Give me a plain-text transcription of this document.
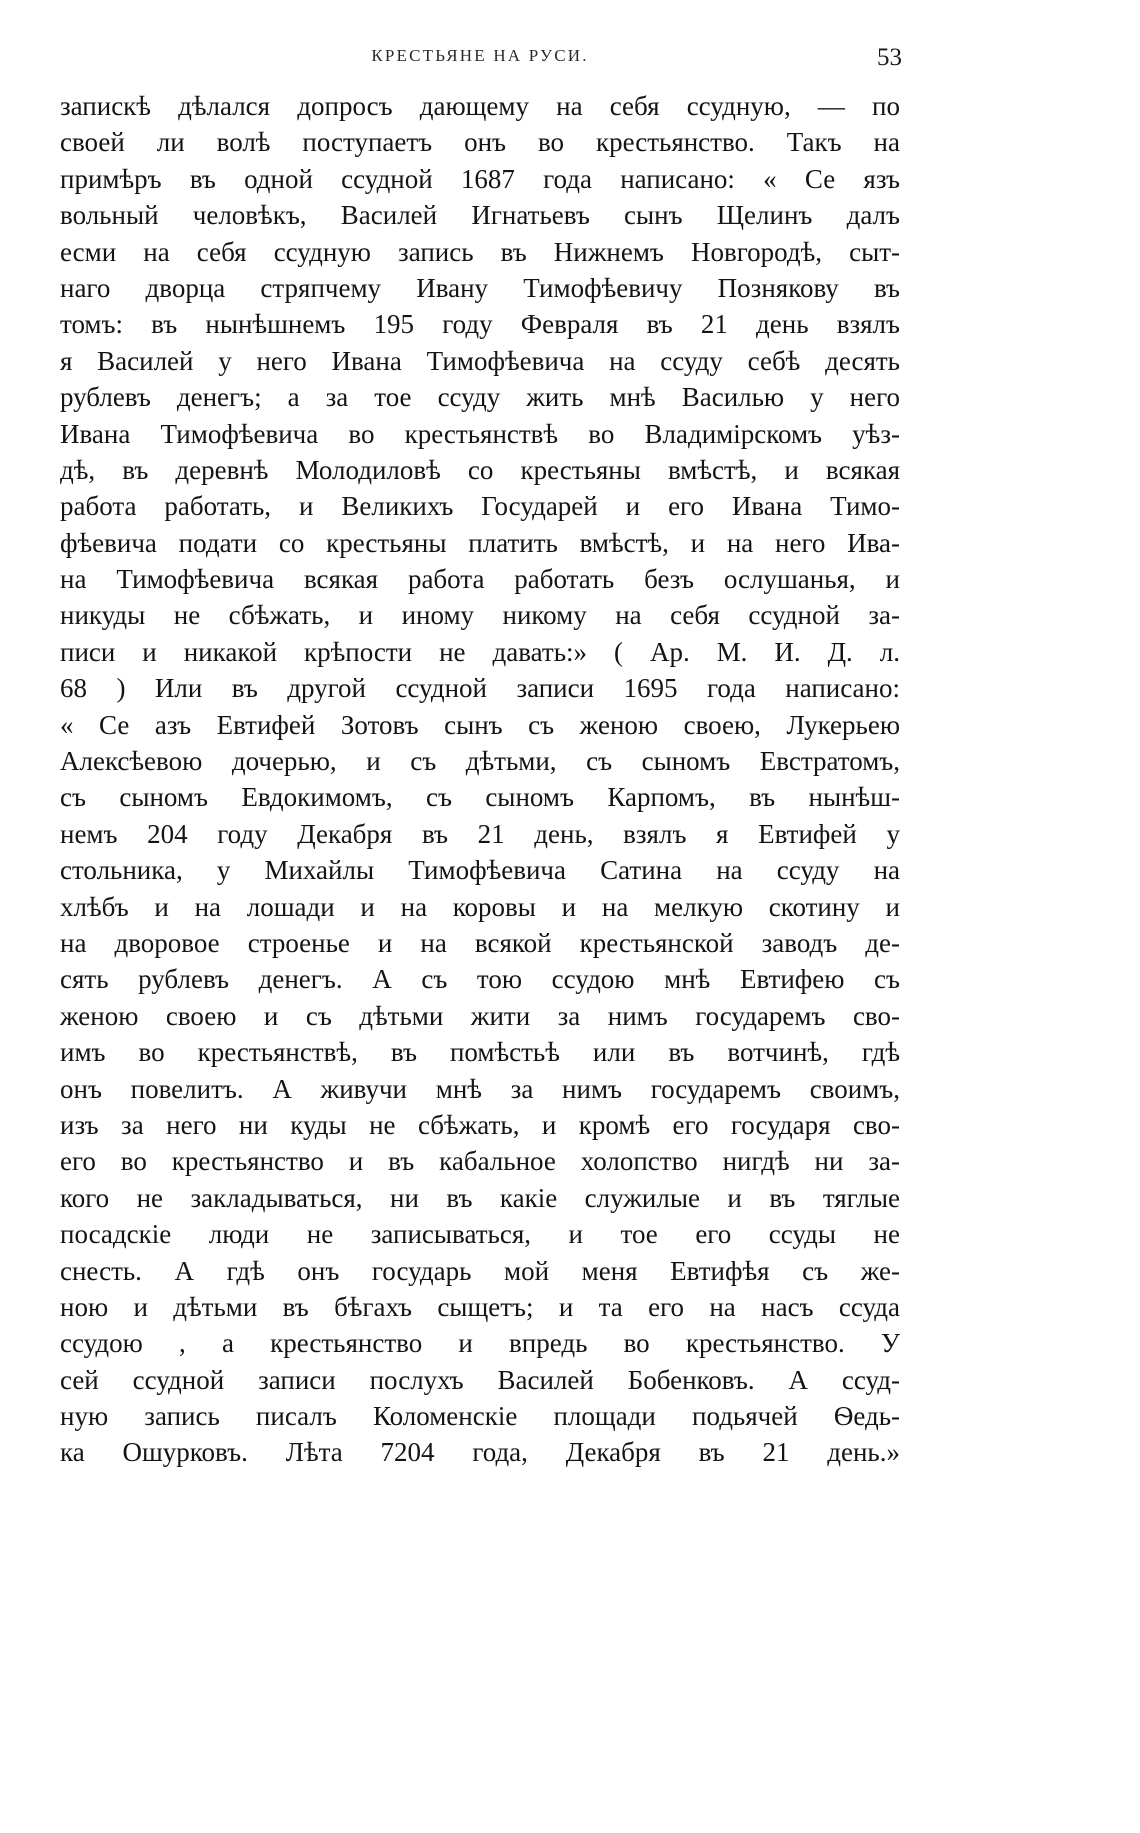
КРЕСТЬЯНЕ НА РУСИ.	53
запискѣ дѣлался допросъ дающему на себя ссудную, — по
своей ли волѣ поступаетъ онъ во крестьянство. Такъ на
примѣръ въ одной ссудной 1687 года написано: « Се язъ
вольный человѣкъ, Василей Игнатьевъ сынъ Щелинъ далъ
есми на себя ссудную запись въ Нижнемъ Новгородѣ, сыт-
наго дворца стряпчему Ивану Тимофѣевичу Познякову въ
томъ: въ нынѣшнемъ 195 году Февраля въ 21 день взялъ
я Василей у него Ивана Тимофѣевича на ссуду себѣ десять
рублевъ денегъ; а за тое ссуду жить мнѣ Василью у него
Ивана Тимофѣевича во крестьянствѣ во Владимірскомъ уѣз-
дѣ, въ деревнѣ Молодиловѣ со крестьяны вмѣстѣ, и всякая
работа работать, и Великихъ Государей и его Ивана Тимо-
фѣевича подати со крестьяны платить вмѣстѣ, и на него Ива-
на Тимофѣевича всякая работа работать безъ ослушанья, и
никуды не сбѣжать, и иному никому на себя ссудной за-
писи и никакой крѣпости не давать:» ( Ар. М. И. Д. л.
68 ) Или въ другой ссудной записи 1695 года написано:
« Се азъ Евтифей Зотовъ сынъ съ женою своею, Лукерьею
Алексѣевою дочерью, и съ дѣтьми, съ сыномъ Евстратомъ,
съ сыномъ Евдокимомъ, съ сыномъ Карпомъ, въ нынѣш-
немъ 204 году Декабря въ 21 день, взялъ я Евтифей у
стольника, у Михайлы Тимофѣевича Сатина на ссуду на
хлѣбъ и на лошади и на коровы и на мелкую скотину и
на дворовое строенье и на всякой крестьянской заводъ де-
сять рублевъ денегъ. А съ тою ссудою мнѣ Евтифею съ
женою своею и съ дѣтьми жити за нимъ государемъ сво-
имъ во крестьянствѣ, въ помѣстьѣ или въ вотчинѣ, гдѣ
онъ повелитъ. А живучи мнѣ за нимъ государемъ своимъ,
изъ за него ни куды не сбѣжать, и кромѣ его государя сво-
его во крестьянство и въ кабальное холопство нигдѣ ни за-
кого не закладываться, ни въ какіе служилые и въ тяглые
посадскіе люди не записываться, и тое его ссуды не
снесть. А гдѣ онъ государь мой меня Евтифѣя съ же-
ною и дѣтьми въ бѣгахъ сыщетъ; и та его на насъ ссуда
ссудою , а крестьянство и впредь во крестьянство. У
сей ссудной записи послухъ Василей Бобенковъ. А ссуд-
ную запись писалъ Коломенскіе площади подьячей Ѳедь-
ка Ошурковъ. Лѣта 7204 года, Декабря въ 21 день.»
